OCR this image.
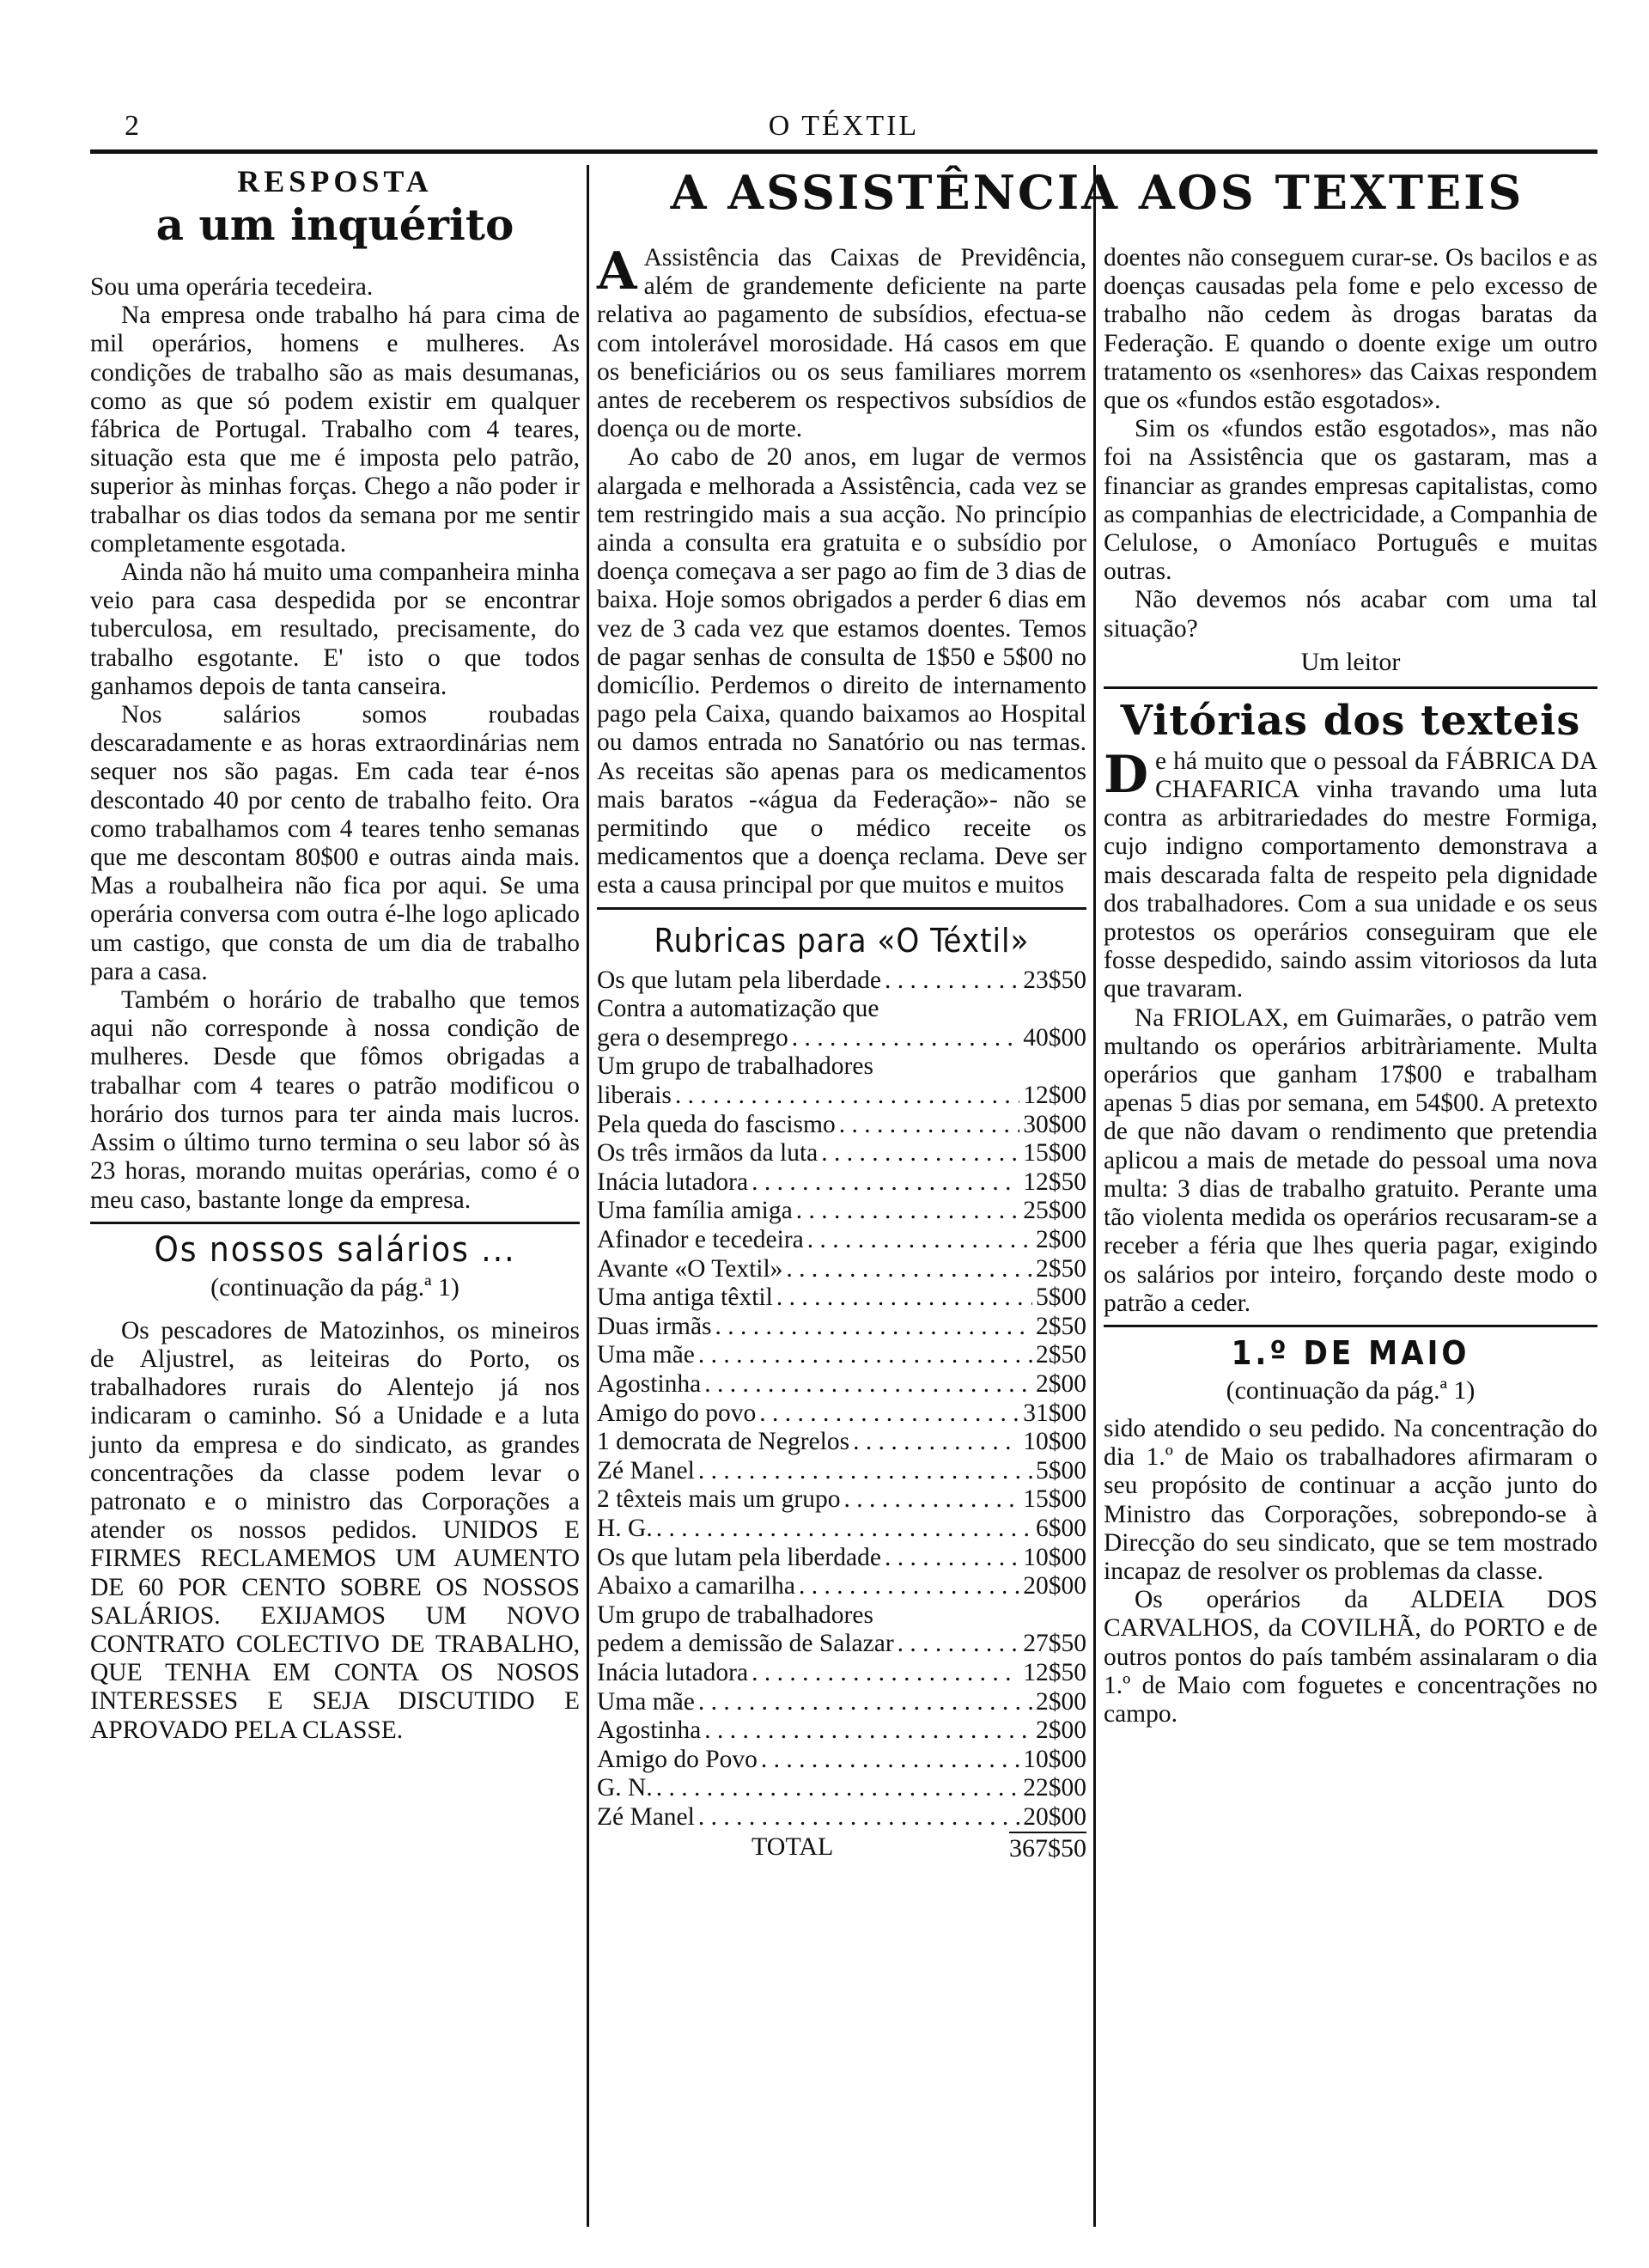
2	O TÉXTIL
RESPOSTA
a um inquérito

Sou uma operária tecedeira.

Na empresa onde trabalho há para cima de mil operários, homens e mulheres. As condições de trabalho são as mais desumanas, como as que só podem existir em qualquer fábrica de Portugal. Trabalho com 4 teares, situação esta que me é imposta pelo patrão, superior às minhas forças. Chego a não poder ir trabalhar os dias todos da semana por me sentir completamente esgotada.

Ainda não há muito uma companheira minha veio para casa despedida por se encontrar tuberculosa, em resultado, precisamente, do trabalho esgotante. E' isto o que todos ganhamos depois de tanta canseira.

Nos salários somos roubadas descaradamente e as horas extraordinárias nem sequer nos são pagas. Em cada tear é-nos descontado 40 por cento de trabalho feito. Ora como trabalhamos com 4 teares tenho semanas que me descontam 80$00 e outras ainda mais. Mas a roubalheira não fica por aqui. Se uma operária conversa com outra é-lhe logo aplicado um castigo, que consta de um dia de trabalho para a casa.

Também o horário de trabalho que temos aqui não corresponde à nossa condição de mulheres. Desde que fômos obrigadas a trabalhar com 4 teares o patrão modificou o horário dos turnos para ter ainda mais lucros. Assim o último turno termina o seu labor só às 23 horas, morando muitas operárias, como é o meu caso, bastante longe da empresa.

Os nossos salários ...
(continuação da pág.ª 1)

Os pescadores de Matozinhos, os mineiros de Aljustrel, as leiteiras do Porto, os trabalhadores rurais do Alentejo já nos indicaram o caminho. Só a Unidade e a luta junto da empresa e do sindicato, as grandes concentrações da classe podem levar o patronato e o ministro das Corporações a atender os nossos pedidos. UNIDOS E FIRMES RECLAMEMOS UM AUMENTO DE 60 POR CENTO SOBRE OS NOSSOS SALÁRIOS. EXIJAMOS UM NOVO CONTRATO COLECTIVO DE TRABALHO, QUE TENHA EM CONTA OS NOSOS INTERESSES E SEJA DISCUTIDO E APROVADO PELA CLASSE.

A ASSISTÊNCIA AOS TEXTEIS

A Assistência das Caixas de Previdência, além de grandemente deficiente na parte relativa ao pagamento de subsídios, efectua-se com intolerável morosidade. Há casos em que os beneficiários ou os seus familiares morrem antes de receberem os respectivos subsídios de doença ou de morte.

Ao cabo de 20 anos, em lugar de vermos alargada e melhorada a Assistência, cada vez se tem restringido mais a sua acção. No princípio ainda a consulta era gratuita e o subsídio por doença começava a ser pago ao fim de 3 dias de baixa. Hoje somos obrigados a perder 6 dias em vez de 3 cada vez que estamos doentes. Temos de pagar senhas de consulta de 1$50 e 5$00 no domicílio. Perdemos o direito de internamento pago pela Caixa, quando baixamos ao Hospital ou damos entrada no Sanatório ou nas termas. As receitas são apenas para os medicamentos mais baratos -«água da Federação»- não se permitindo que o médico receite os medicamentos que a doença reclama. Deve ser esta a causa principal por que muitos e muitos

Rubricas para «O Téxtil»
Os que lutam pela liberdade . . .	23$50
Contra a automatização que
gera o desemprego . . .	40$00
Um grupo de trabalhadores
liberais . . .	12$00
Pela queda do fascismo . . .	30$00
Os três irmãos da luta . . .	15$00
Inácia lutadora . . .	12$50
Uma família amiga . . .	25$00
Afinador e tecedeira . . .	2$00
Avante «O Textil» . . .	2$50
Uma antiga têxtil . . .	5$00
Duas irmãs . . .	2$50
Uma mãe . . .	2$50
Agostinha . . .	2$00
Amigo do povo . . .	31$00
1 democrata de Negrelos . . .	10$00
Zé Manel . . .	5$00
2 têxteis mais um grupo . . .	15$00
H. G. . . .	6$00
Os que lutam pela liberdade . . .	10$00
Abaixo a camarilha . . .	20$00
Um grupo de trabalhadores
pedem a demissão de Salazar . . .	27$50
Inácia lutadora . . .	12$50
Uma mãe . . .	2$00
Agostinha . . .	2$00
Amigo do Povo . . .	10$00
G. N. . . .	22$00
Zé Manel . . .	20$00
TOTAL	367$50

doentes não conseguem curar-se. Os bacilos e as doenças causadas pela fome e pelo excesso de trabalho não cedem às drogas baratas da Federação. E quando o doente exige um outro tratamento os «senhores» das Caixas respondem que os «fundos estão esgotados».

Sim os «fundos estão esgotados», mas não foi na Assistência que os gastaram, mas a financiar as grandes empresas capitalistas, como as companhias de electricidade, a Companhia de Celulose, o Amoníaco Português e muitas outras.

Não devemos nós acabar com uma tal situação?

Um leitor
Vitórias dos texteis

De há muito que o pessoal da FÁBRICA DA CHAFARICA vinha travando uma luta contra as arbitrariedades do mestre Formiga, cujo indigno comportamento demonstrava a mais descarada falta de respeito pela dignidade dos trabalhadores. Com a sua unidade e os seus protestos os operários conseguiram que ele fosse despedido, saindo assim vitoriosos da luta que travaram.

Na FRIOLAX, em Guimarães, o patrão vem multando os operários arbitràriamente. Multa operários que ganham 17$00 e trabalham apenas 5 dias por semana, em 54$00. A pretexto de que não davam o rendimento que pretendia aplicou a mais de metade do pessoal uma nova multa: 3 dias de trabalho gratuito. Perante uma tão violenta medida os operários recusaram-se a receber a féria que lhes queria pagar, exigindo os salários por inteiro, forçando deste modo o patrão a ceder.

1.º DE MAIO
(continuação da pág.ª 1)

sido atendido o seu pedido. Na concentração do dia 1.º de Maio os trabalhadores afirmaram o seu propósito de continuar a acção junto do Ministro das Corporações, sobrepondo-se à Direcção do seu sindicato, que se tem mostrado incapaz de resolver os problemas da classe.

Os operários da ALDEIA DOS CARVALHOS, da COVILHÃ, do PORTO e de outros pontos do país também assinalaram o dia 1.º de Maio com foguetes e concentrações no campo.
